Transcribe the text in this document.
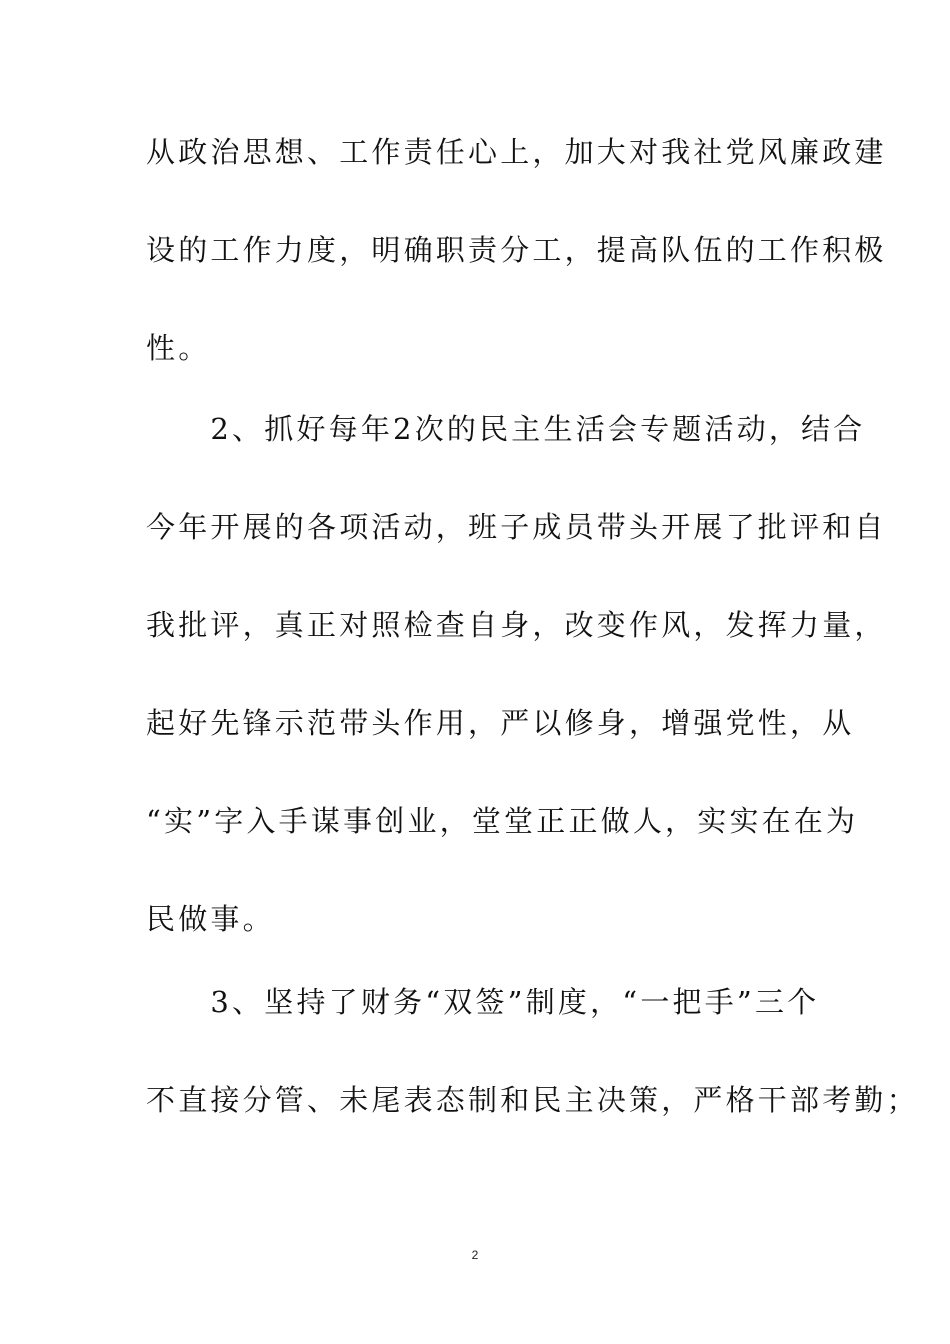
从政治思想、工作责任心上，加大对我社党风廉政建
设的工作力度，明确职责分工，提高队伍的工作积极
性。
　　2、抓好每年2次的民主生活会专题活动，结合
今年开展的各项活动，班子成员带头开展了批评和自
我批评，真正对照检查自身，改变作风，发挥力量，
起好先锋示范带头作用，严以修身，增强党性，从
“实”字入手谋事创业，堂堂正正做人，实实在在为
民做事。
　　3、坚持了财务“双签”制度，“一把手”三个
不直接分管、未尾表态制和民主决策，严格干部考勤；
2
